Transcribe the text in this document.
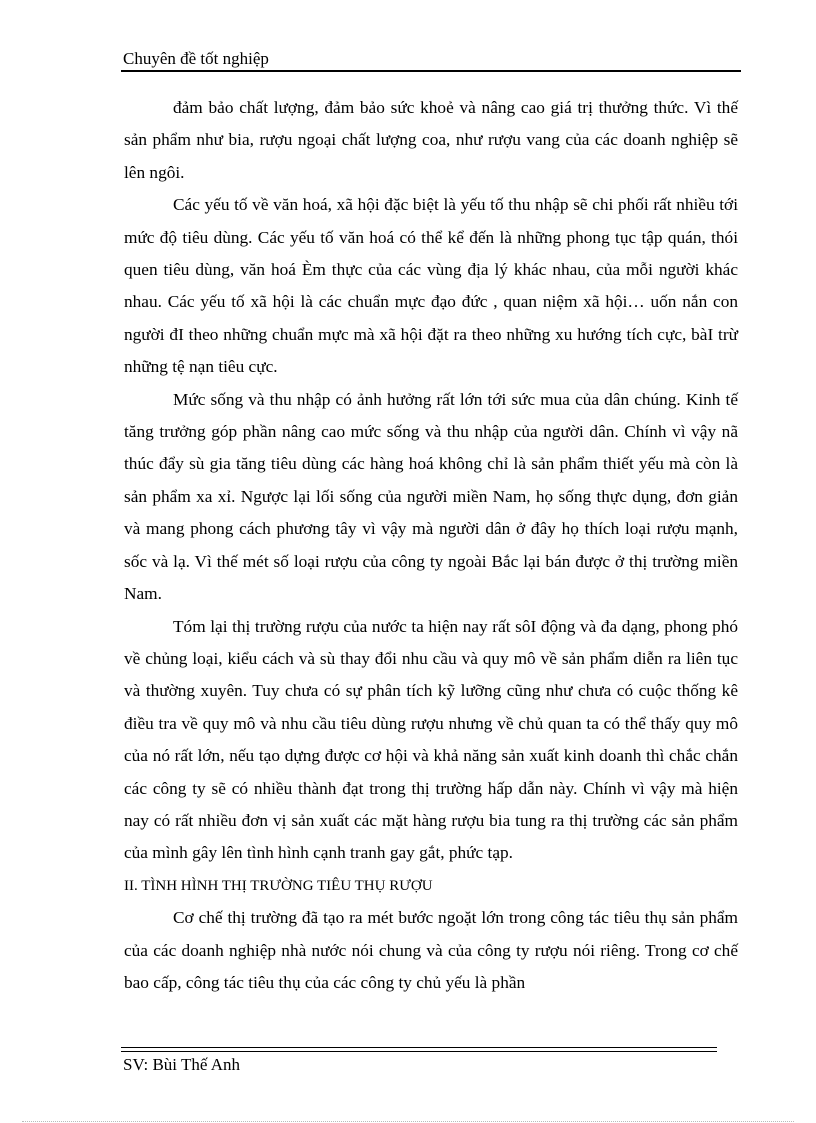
Chuyên đề tốt nghiệp

đảm bảo chất lượng, đảm bảo sức khoẻ và nâng cao giá trị thưởng thức. Vì thế sản phẩm như bia, rượu ngoại chất lượng coa, như rượu vang của các doanh nghiệp sẽ lên ngôi.

Các yếu tố về văn hoá, xã hội đặc biệt là yếu tố thu nhập sẽ chi phối rất nhiều tới mức độ tiêu dùng. Các yếu tố văn hoá có thể kể đến là những phong tục tập quán, thói quen tiêu dùng, văn hoá Èm thực của các vùng địa lý khác nhau, của mỗi người khác nhau. Các yếu tố xã hội là các chuẩn mực đạo đức , quan niệm xã hội… uốn nắn con người đI theo những chuẩn mực mà xã hội đặt ra theo những xu hướng tích cực, bàI trừ những tệ nạn tiêu cực.

Mức sống và thu nhập có ảnh hưởng rất lớn tới sức mua của dân chúng. Kinh tế tăng trưởng góp phần nâng cao mức sống và thu nhập của người dân. Chính vì vậy nã thúc đẩy sù gia tăng tiêu dùng các hàng hoá không chỉ là sản phẩm thiết yếu mà còn là sản phẩm xa xỉ. Ngược lại lối sống của người miền Nam, họ sống thực dụng, đơn giản và mang phong cách phương tây vì vậy mà người dân ở đây họ thích loại rượu mạnh, sốc và lạ. Vì thế mét số loại rượu của công ty ngoài Bắc lại bán được ở thị trường miền Nam.

Tóm lại thị trường rượu của nước ta hiện nay rất sôI động và đa dạng, phong phó về chủng loại, kiểu cách và sù thay đổi nhu cầu và quy mô về sản phẩm diễn ra liên tục và thường xuyên. Tuy chưa có sự phân tích kỹ lưỡng cũng như chưa có cuộc thống kê điều tra về quy mô và nhu cầu tiêu dùng rượu nhưng về chủ quan ta có thể thấy quy mô của nó rất lớn, nếu tạo dựng được cơ hội và khả năng sản xuất kinh doanh thì chắc chắn các công ty sẽ có nhiều thành đạt trong thị trường hấp dẫn này. Chính vì vậy mà hiện nay có rất nhiều đơn vị sản xuất các mặt hàng rượu bia tung ra thị trường các sản phẩm của mình gây lên tình hình cạnh tranh gay gắt, phức tạp.

II. TÌNH HÌNH THỊ TRƯỜNG TIÊU THỤ RƯỢU

Cơ chế thị trường đã tạo ra mét bước ngoặt lớn trong công tác tiêu thụ sản phẩm của các doanh nghiệp nhà nước nói chung và của công ty rượu nói riêng. Trong cơ chế bao cấp, công tác tiêu thụ của các công ty chủ yếu là phần

SV: Bùi Thế Anh
